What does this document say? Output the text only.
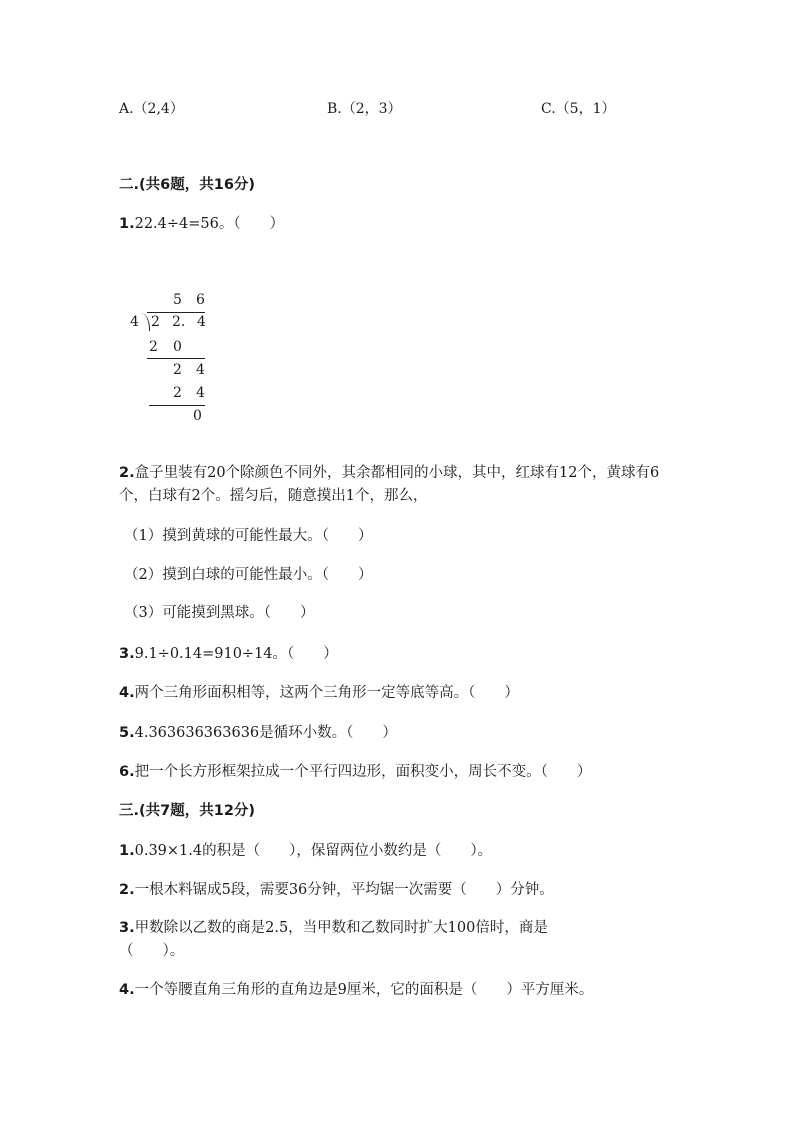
A.（2,4）	B.（2，3）	C.（5，1）
二.(共6题，共16分)
1.22.4÷4=56。（　　）
5 6
4 2 2. 4
2 0
2 4
2 4
0
2.盒子里装有20个除颜色不同外，其余都相同的小球，其中，红球有12个，黄球有6个，白球有2个。摇匀后，随意摸出1个，那么，
（1）摸到黄球的可能性最大。（　　）
（2）摸到白球的可能性最小。（　　）
（3）可能摸到黑球。（　　）
3.9.1÷0.14=910÷14。（　　）
4.两个三角形面积相等，这两个三角形一定等底等高。（　　）
5.4.363636363636是循环小数。（　　）
6.把一个长方形框架拉成一个平行四边形，面积变小，周长不变。（　　）
三.(共7题，共12分)
1.0.39×1.4的积是（　　），保留两位小数约是（　　）。
2.一根木料锯成5段，需要36分钟，平均锯一次需要（　　）分钟。
3.甲数除以乙数的商是2.5，当甲数和乙数同时扩大100倍时，商是（　　）。
4.一个等腰直角三角形的直角边是9厘米，它的面积是（　　）平方厘米。
